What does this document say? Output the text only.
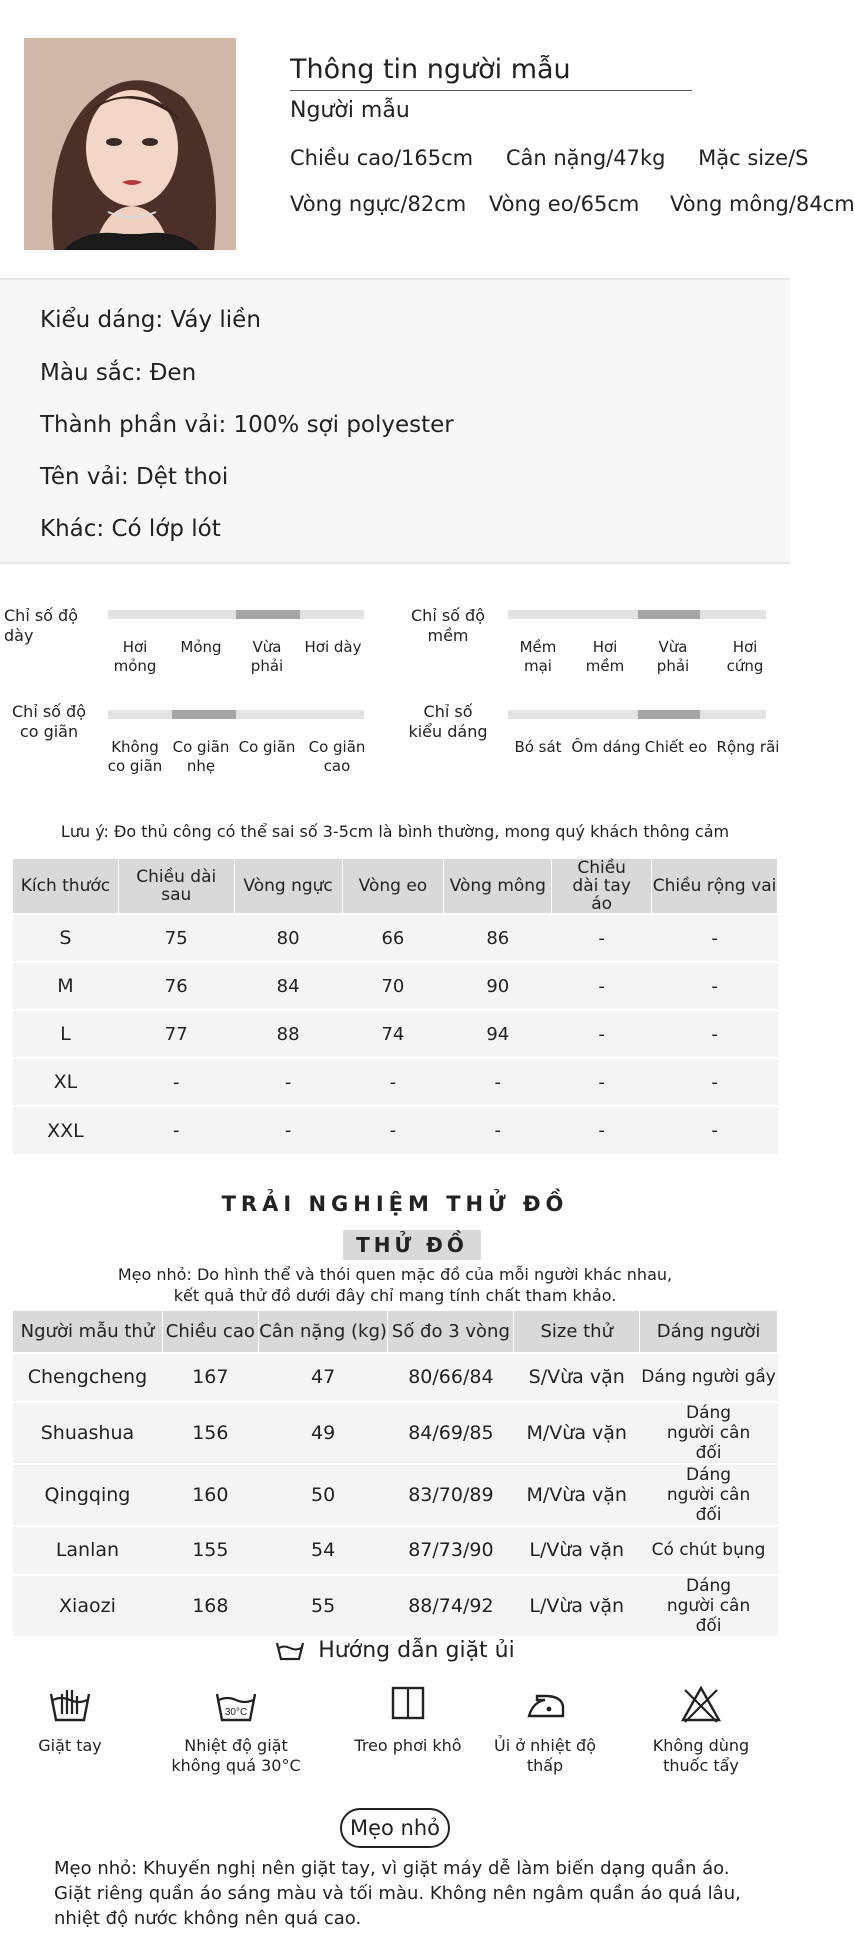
Thông tin người mẫu
Người mẫu
Chiều cao/165cm Cân nặng/47kg Mặc size/S
Vòng ngực/82cm Vòng eo/65cm Vòng mông/84cm
Kiểu dáng: Váy liền
Màu sắc: Đen
Thành phần vải: 100% sợi polyester
Tên vải: Dệt thoi
Khác: Có lớp lót
Chỉ số độ dày
Hơi mỏng
Mỏng	Vừa phải
Hơi dày
Chỉ số độ mềm
Mềm mại
Hơi mềm
Vừa phải
Hơi cứng
Chỉ số độ co giãn
Không co giãn
Co giãn nhẹ
Co giãn Co giãn cao
Chỉ số kiểu dáng
Bó sát Ôm dáng Chiết eo Rộng rãi
Lưu ý: Đo thủ công có thể sai số 3-5cm là bình thường, mong quý khách thông cảm
Kích thước	Chiều dài sau	Vòng ngực	Vòng eo	Vòng mông	Chiều dài tay áo	Chiều rộng vai
S	75	80	66	86	-	-
M	76	84	70	90	-	-
L	77	88	74	94	-	-
XL	-	-	-	-	-	-
XXL	-	-	-	-	-	-
TRẢI NGHIỆM THỬ ĐỒ
THỬ ĐỒ
Mẹo nhỏ: Do hình thể và thói quen mặc đồ của mỗi người khác nhau,
kết quả thử đồ dưới đây chỉ mang tính chất tham khảo.
Người mẫu thử	Chiều cao	Cân nặng (kg)	Số đo 3 vòng	Size thử	Dáng người
Chengcheng	167	47	80/66/84	S/Vừa vặn	Dáng người gầy
Shuashua	156	49	84/69/85	M/Vừa vặn	Dáng người cân đối
Qingqing	160	50	83/70/89	M/Vừa vặn	Dáng người cân đối
Lanlan	155	54	87/73/90	L/Vừa vặn	Có chút bụng
Xiaozi	168	55	88/74/92	L/Vừa vặn	Dáng người cân đối
Hướng dẫn giặt ủi
Giặt tay
30°C
Nhiệt độ giặt không quá 30°C
Treo phơi khô	Ủi ở nhiệt độ thấp
Không dùng thuốc tẩy
Mẹo nhỏ
Mẹo nhỏ: Khuyến nghị nên giặt tay, vì giặt máy dễ làm biến dạng quần áo. Giặt riêng quần áo sáng màu và tối màu. Không nên ngâm quần áo quá lâu, nhiệt độ nước không nên quá cao.
